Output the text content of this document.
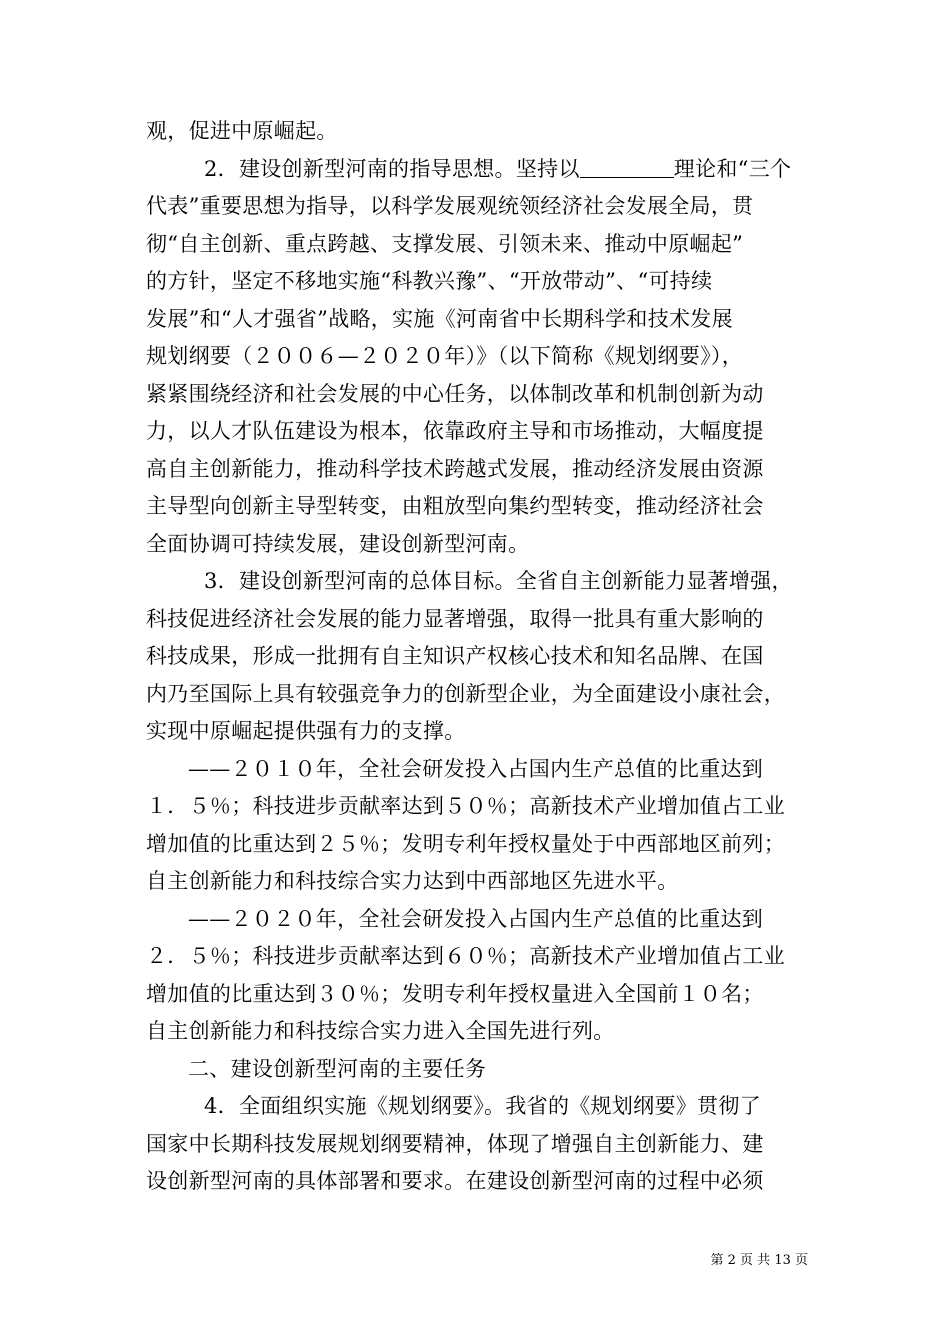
观，促进中原崛起。
2．建设创新型河南的指导思想。坚持以	理论和“三个
代表”重要思想为指导，以科学发展观统领经济社会发展全局，贯
彻“自主创新、重点跨越、支撑发展、引领未来、推动中原崛起”
的方针，坚定不移地实施“科教兴豫”、“开放带动”、“可持续
发展”和“人才强省”战略，实施《河南省中长期科学和技术发展
规划纲要（２００６—２０２０年）》（以下简称《规划纲要》），
紧紧围绕经济和社会发展的中心任务，以体制改革和机制创新为动
力，以人才队伍建设为根本，依靠政府主导和市场推动，大幅度提
高自主创新能力，推动科学技术跨越式发展，推动经济发展由资源
主导型向创新主导型转变，由粗放型向集约型转变，推动经济社会
全面协调可持续发展，建设创新型河南。
3．建设创新型河南的总体目标。全省自主创新能力显著增强，
科技促进经济社会发展的能力显著增强，取得一批具有重大影响的
科技成果，形成一批拥有自主知识产权核心技术和知名品牌、在国
内乃至国际上具有较强竞争力的创新型企业，为全面建设小康社会，
实现中原崛起提供强有力的支撑。
——２０１０年，全社会研发投入占国内生产总值的比重达到
１．５％；科技进步贡献率达到５０％；高新技术产业增加值占工业
增加值的比重达到２５％；发明专利年授权量处于中西部地区前列；
自主创新能力和科技综合实力达到中西部地区先进水平。
——２０２０年，全社会研发投入占国内生产总值的比重达到
２．５％；科技进步贡献率达到６０％；高新技术产业增加值占工业
增加值的比重达到３０％；发明专利年授权量进入全国前１０名；
自主创新能力和科技综合实力进入全国先进行列。
二、建设创新型河南的主要任务
4．全面组织实施《规划纲要》。我省的《规划纲要》贯彻了
国家中长期科技发展规划纲要精神，体现了增强自主创新能力、建
设创新型河南的具体部署和要求。在建设创新型河南的过程中必须
第 2 页 共 13 页
